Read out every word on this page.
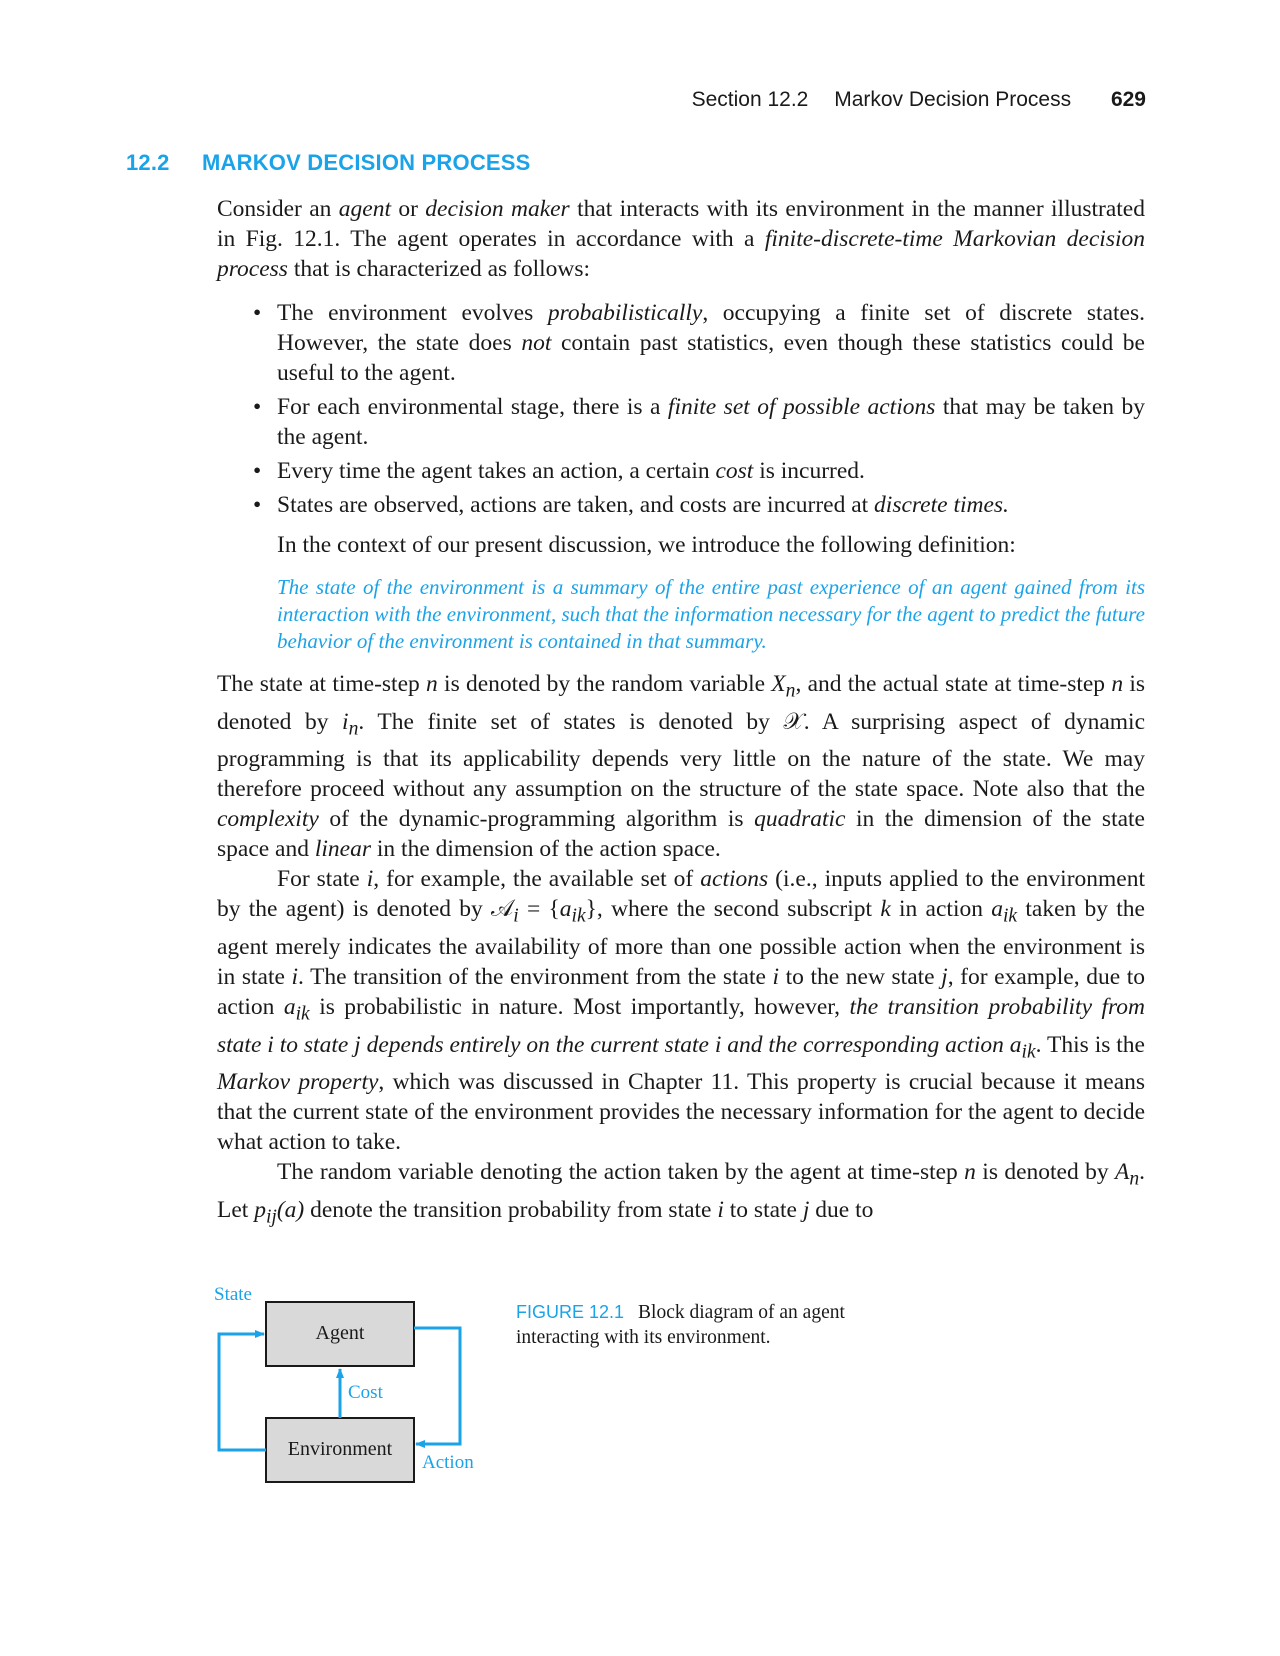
Section 12.2 Markov Decision Process 629
12.2 MARKOV DECISION PROCESS

Consider an agent or decision maker that interacts with its environment in the manner illustrated in Fig. 12.1. The agent operates in accordance with a finite-discrete-time Markovian decision process that is characterized as follows:

• The environment evolves probabilistically, occupying a finite set of discrete states. However, the state does not contain past statistics, even though these statistics could be useful to the agent.
• For each environmental stage, there is a finite set of possible actions that may be taken by the agent.
• Every time the agent takes an action, a certain cost is incurred.
• States are observed, actions are taken, and costs are incurred at discrete times.

In the context of our present discussion, we introduce the following definition:

The state of the environment is a summary of the entire past experience of an agent gained from its interaction with the environment, such that the information necessary for the agent to predict the future behavior of the environment is contained in that summary.

The state at time-step n is denoted by the random variable $X_n$, and the actual state at time-step n is denoted by $i_n$. The finite set of states is denoted by 𝒳. A surprising aspect of dynamic programming is that its applicability depends very little on the nature of the state. We may therefore proceed without any assumption on the structure of the state space. Note also that the complexity of the dynamic-programming algorithm is quadratic in the dimension of the state space and linear in the dimension of the action space.

For state i, for example, the available set of actions (i.e., inputs applied to the environment by the agent) is denoted by 𝒜$_i$ = $\{a_{ik}\}$, where the second subscript k in action $a_{ik}$ taken by the agent merely indicates the availability of more than one possible action when the environment is in state i. The transition of the environment from the state i to the new state j, for example, due to action $a_{ik}$ is probabilistic in nature. Most importantly, however, the transition probability from state i to state j depends entirely on the current state i and the corresponding action $a_{ik}$. This is the Markov property, which was discussed in Chapter 11. This property is crucial because it means that the current state of the environment provides the necessary information for the agent to decide what action to take.

The random variable denoting the action taken by the agent at time-step n is denoted by $A_n$. Let $p_{ij}(a)$ denote the transition probability from state i to state j due to

State
Agent
Cost
Environment
Action
FIGURE 12.1 Block diagram of an agent interacting with its environment.
